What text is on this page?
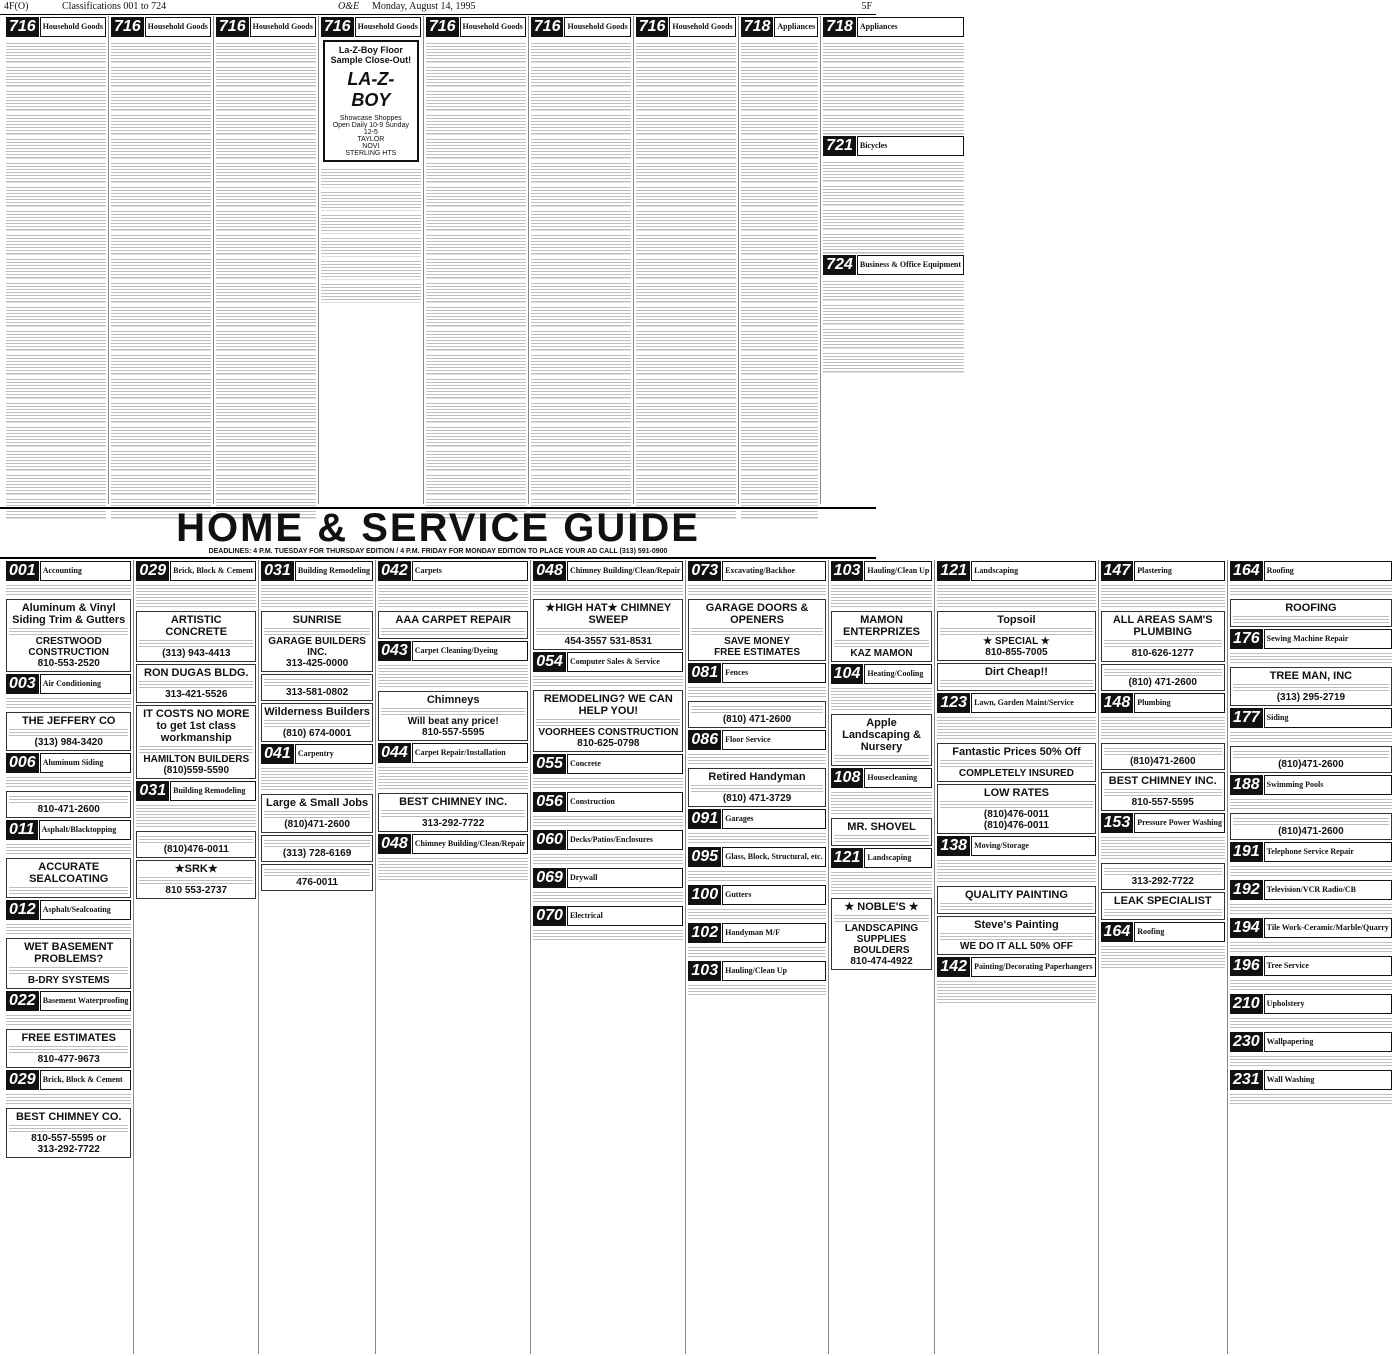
4F(O)	Classifications 001 to 724	O&E Monday, August 14, 1995	5F
716 Household Goods 716 Household Goods 716 Household Goods 716 Household Goods
La-Z-Boy Floor Sample Close-Out!
LA-Z-BOY
Showcase Shoppes
Open Daily 10-9 Sunday 12-5
TAYLOR
NOVI
STERLING HTS
716 Household Goods 716 Household Goods 716 Household Goods 718 Appliances 718 Appliances
721 Bicycles
724 Business & Office Equipment
HOME & SERVICE GUIDE
DEADLINES: 4 P.M. TUESDAY FOR THURSDAY EDITION / 4 P.M. FRIDAY FOR MONDAY EDITION TO PLACE YOUR AD CALL (313) 591-0900
001 Accounting
Aluminum & Vinyl Siding Trim & Gutters
CRESTWOOD CONSTRUCTION
810-553-2520
003 Air Conditioning
THE JEFFERY CO
(313) 984-3420
006 Aluminum Siding
810-471-2600
011 Asphalt/Blacktopping
ACCURATE SEALCOATING
012 Asphalt/Sealcoating
WET BASEMENT PROBLEMS?
B-DRY SYSTEMS
022 Basement Waterproofing
FREE ESTIMATES
810-477-9673
029 Brick, Block & Cement
BEST CHIMNEY CO.
810-557-5595 or
313-292-7722
029 Brick, Block & Cement
ARTISTIC CONCRETE
(313) 943-4413
RON DUGAS BLDG.
313-421-5526
IT COSTS NO MORE to get 1st class workmanship
HAMILTON BUILDERS
(810)559-5590
031 Building Remodeling
(810)476-0011
★SRK★
810 553-2737
031 Building Remodeling
SUNRISE
GARAGE BUILDERS INC.
313-425-0000
313-581-0802
Wilderness Builders
(810) 674-0001
041 Carpentry
Large & Small Jobs
(810)471-2600
(313) 728-6169
476-0011
042 Carpets
AAA CARPET REPAIR
043 Carpet Cleaning/Dyeing
Chimneys
Will beat any price!
810-557-5595
044 Carpet Repair/Installation
BEST CHIMNEY INC.
313-292-7722
048 Chimney Building/Clean/Repair
048 Chimney Building/Clean/Repair
★HIGH HAT★ CHIMNEY SWEEP
454-3557 531-8531
054 Computer Sales & Service
REMODELING? WE CAN HELP YOU!
VOORHEES CONSTRUCTION
810-625-0798
055 Concrete
056 Construction
060 Decks/Patios/Enclosures
069 Drywall
070 Electrical
073 Excavating/Backhoe
GARAGE DOORS & OPENERS
SAVE MONEY
FREE ESTIMATES
081 Fences
(810) 471-2600
086 Floor Service
Retired Handyman
(810) 471-3729
091 Garages
095 Glass, Block, Structural, etc.
100 Gutters
102 Handyman M/F
103 Hauling/Clean Up
103 Hauling/Clean Up
MAMON ENTERPRIZES
KAZ MAMON
104 Heating/Cooling
Apple Landscaping & Nursery
108 Housecleaning
MR. SHOVEL
121 Landscaping
★ NOBLE'S ★
LANDSCAPING SUPPLIES BOULDERS
810-474-4922
121 Landscaping
Topsoil
★ SPECIAL ★
810-855-7005
Dirt Cheap!!
123 Lawn, Garden Maint/Service
Fantastic Prices 50% Off
COMPLETELY INSURED
LOW RATES
(810)476-0011
(810)476-0011
138 Moving/Storage
QUALITY PAINTING
Steve's Painting
WE DO IT ALL 50% OFF
142 Painting/Decorating Paperhangers
147 Plastering
ALL AREAS SAM'S PLUMBING
810-626-1277
(810) 471-2600
148 Plumbing
(810)471-2600
BEST CHIMNEY INC.
810-557-5595
153 Pressure Power Washing
313-292-7722
LEAK SPECIALIST
164 Roofing
164 Roofing
ROOFING
176 Sewing Machine Repair
TREE MAN, INC
(313) 295-2719
177 Siding
(810)471-2600
188 Swimming Pools
(810)471-2600
191 Telephone Service Repair
192 Television/VCR Radio/CB
194 Tile Work-Ceramic/Marble/Quarry
196 Tree Service
210 Upholstery
230 Wallpapering
231 Wall Washing
